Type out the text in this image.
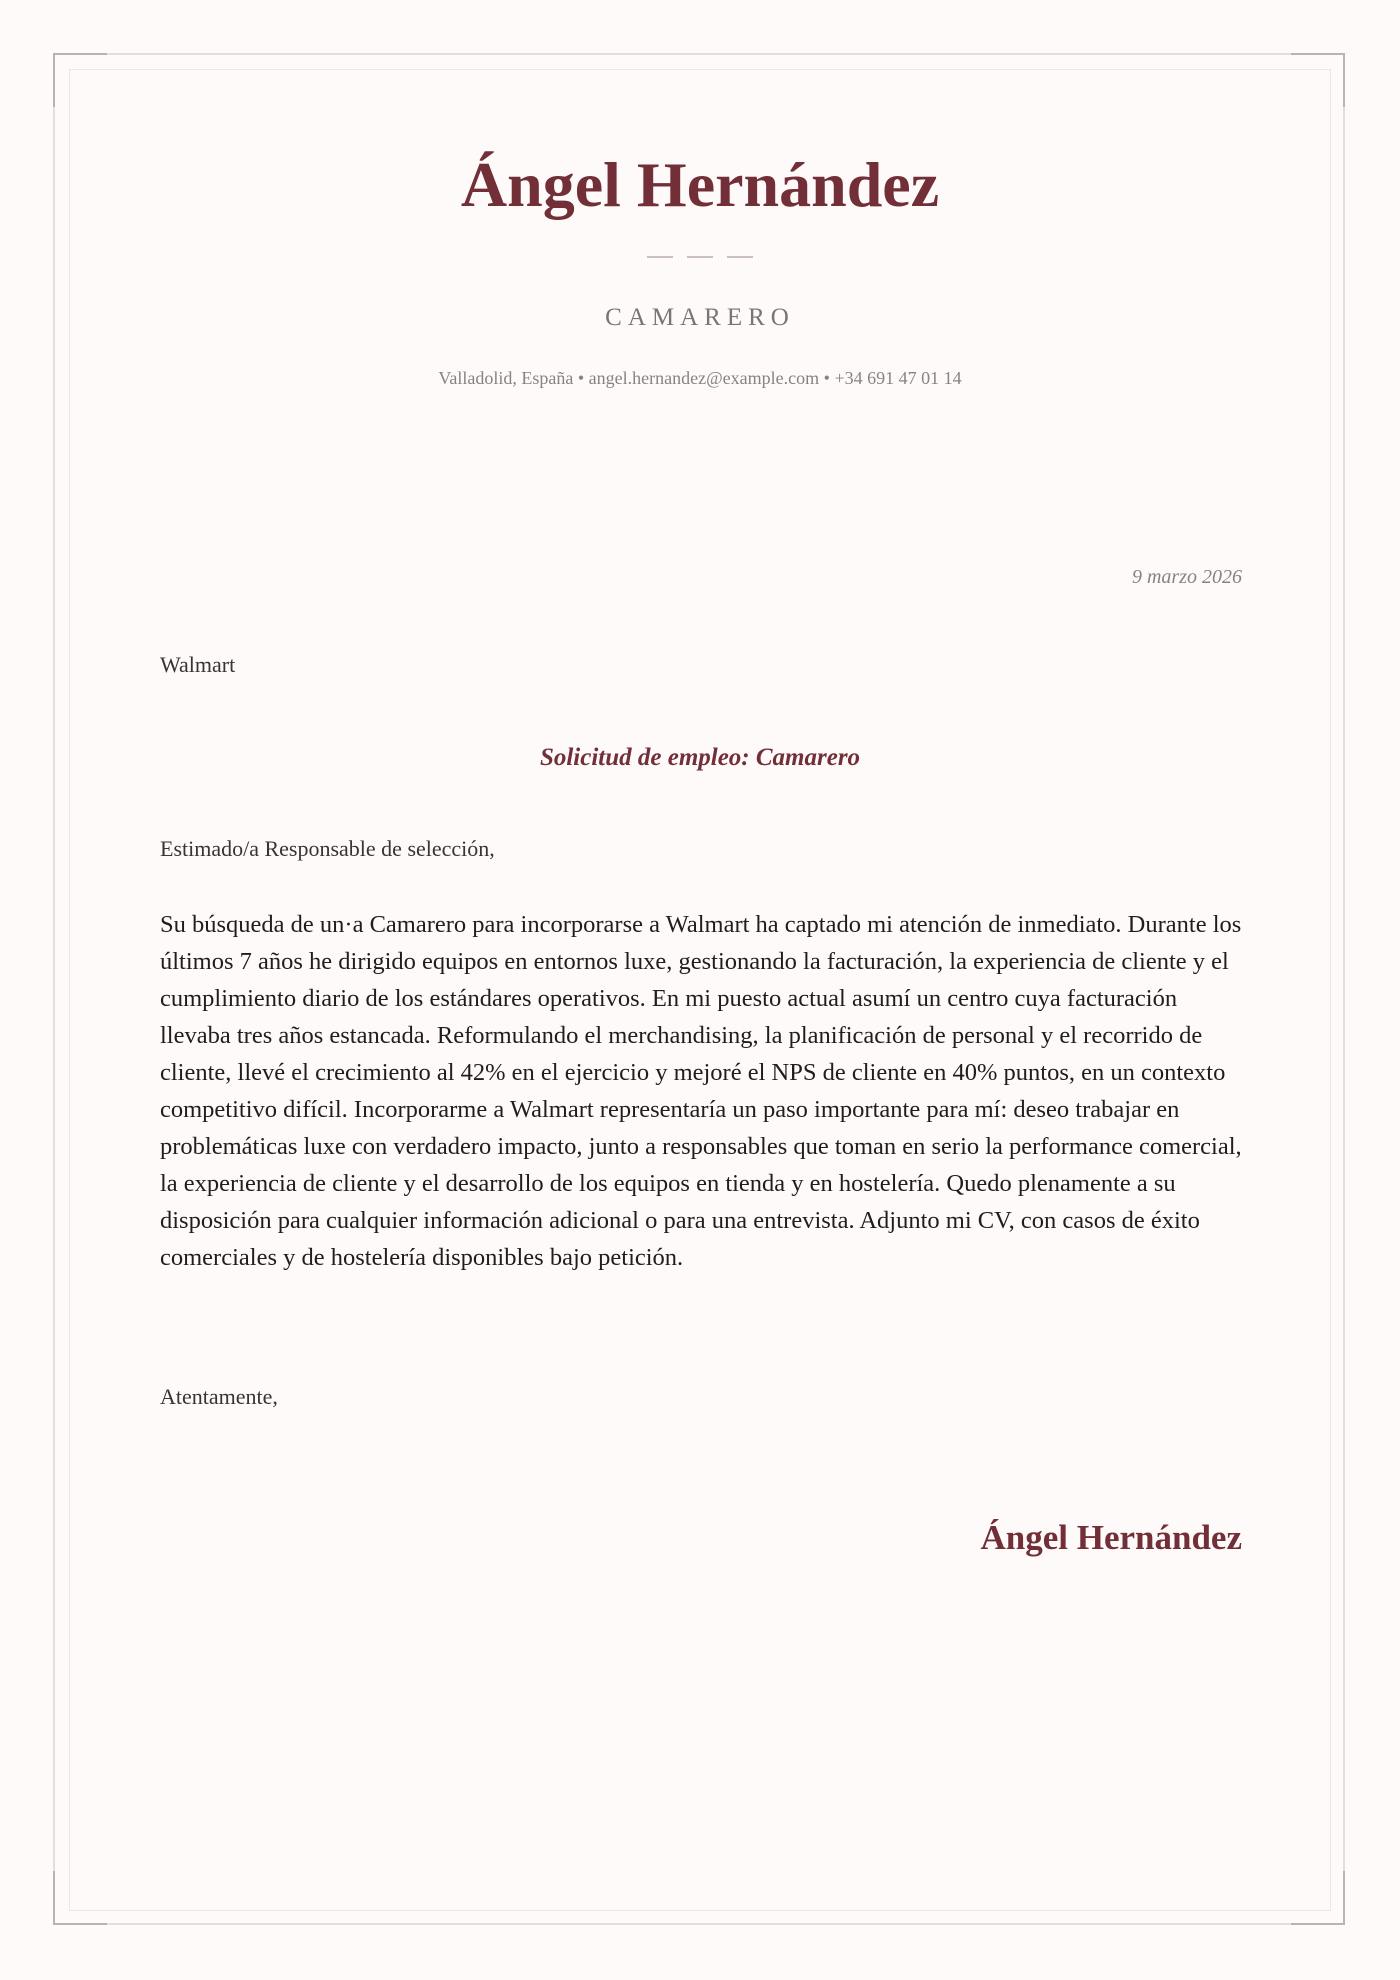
Ángel Hernández
CAMARERO
Valladolid, España • angel.hernandez@example.com • +34 691 47 01 14
9 marzo 2026
Walmart
Solicitud de empleo: Camarero
Estimado/a Responsable de selección,
Su búsqueda de un·a Camarero para incorporarse a Walmart ha captado mi atención de inmediato. Durante los últimos 7 años he dirigido equipos en entornos luxe, gestionando la facturación, la experiencia de cliente y el cumplimiento diario de los estándares operativos. En mi puesto actual asumí un centro cuya facturación llevaba tres años estancada. Reformulando el merchandising, la planificación de personal y el recorrido de cliente, llevé el crecimiento al 42% en el ejercicio y mejoré el NPS de cliente en 40% puntos, en un contexto competitivo difícil. Incorporarme a Walmart representaría un paso importante para mí: deseo trabajar en problemáticas luxe con verdadero impacto, junto a responsables que toman en serio la performance comercial, la experiencia de cliente y el desarrollo de los equipos en tienda y en hostelería. Quedo plenamente a su disposición para cualquier información adicional o para una entrevista. Adjunto mi CV, con casos de éxito comerciales y de hostelería disponibles bajo petición.
Atentamente,
Ángel Hernández
